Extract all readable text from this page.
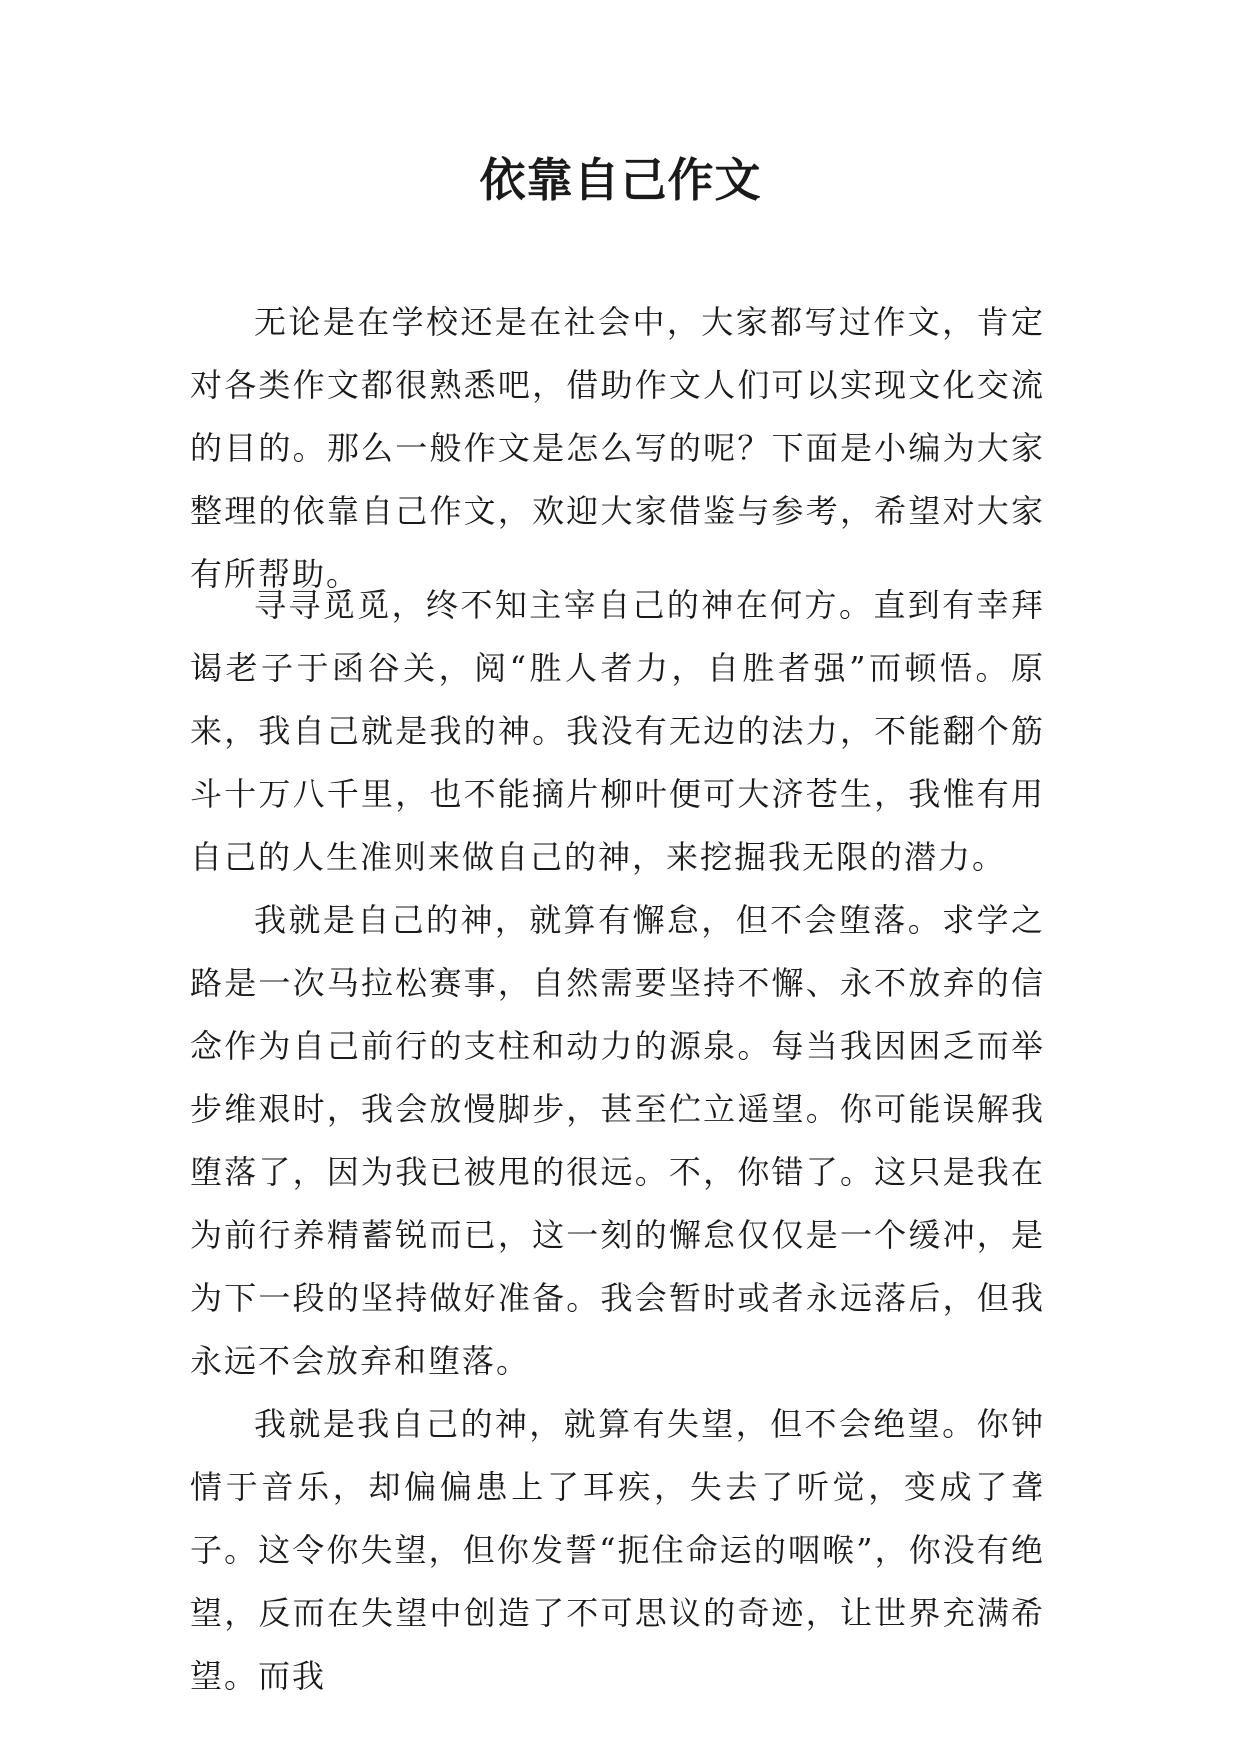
依靠自己作文

无论是在学校还是在社会中，大家都写过作文，肯定对各类作文都很熟悉吧，借助作文人们可以实现文化交流的目的。那么一般作文是怎么写的呢？下面是小编为大家整理的依靠自己作文，欢迎大家借鉴与参考，希望对大家有所帮助。

寻寻觅觅，终不知主宰自己的神在何方。直到有幸拜谒老子于函谷关，阅“胜人者力，自胜者强”而顿悟。原来，我自己就是我的神。我没有无边的法力，不能翻个筋斗十万八千里，也不能摘片柳叶便可大济苍生，我惟有用自己的人生准则来做自己的神，来挖掘我无限的潜力。

我就是自己的神，就算有懈怠，但不会堕落。求学之路是一次马拉松赛事，自然需要坚持不懈、永不放弃的信念作为自己前行的支柱和动力的源泉。每当我因困乏而举步维艰时，我会放慢脚步，甚至伫立遥望。你可能误解我堕落了，因为我已被甩的很远。不，你错了。这只是我在为前行养精蓄锐而已，这一刻的懈怠仅仅是一个缓冲，是为下一段的坚持做好准备。我会暂时或者永远落后，但我永远不会放弃和堕落。

我就是我自己的神，就算有失望，但不会绝望。你钟情于音乐，却偏偏患上了耳疾，失去了听觉，变成了聋子。这令你失望，但你发誓“扼住命运的咽喉”，你没有绝望，反而在失望中创造了不可思议的奇迹，让世界充满希望。而我
